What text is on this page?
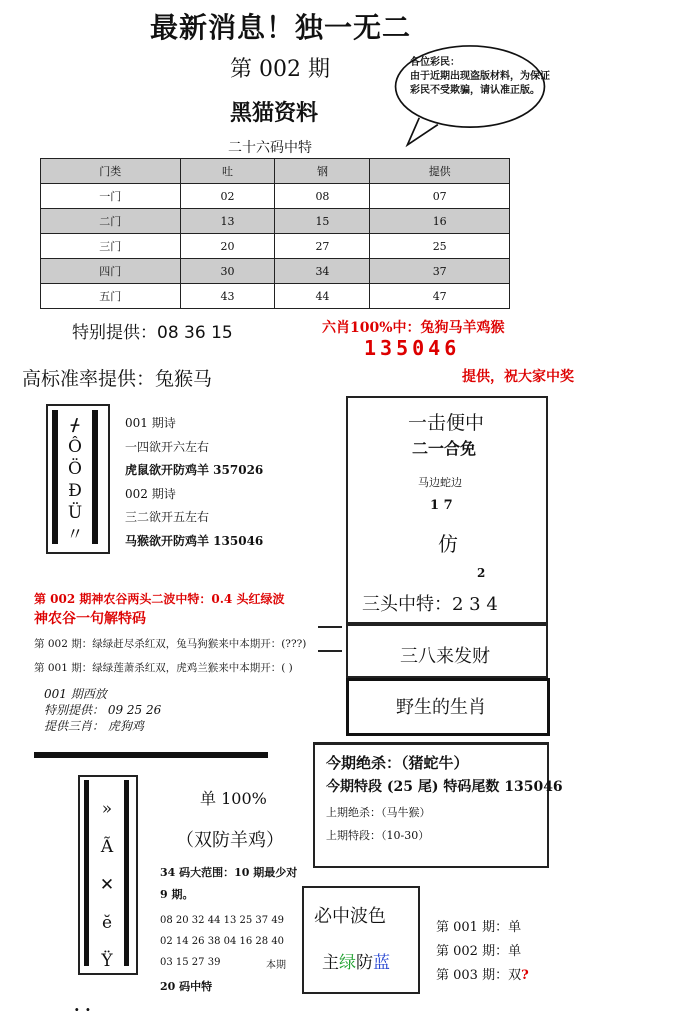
最新消息！独一无二
第 002 期
黑猫资料
二十六码中特
各位彩民：
由于近期出现盗版材料，为保证彩民不受欺骗，请认准正版。
门类	吐	钢	提供
一门	02	08	07
二门	13	15	16
三门	20	27	25
四门	30	34	37
五门	43	44	47
特别提供：08 36 15	六肖100%中：兔狗马羊鸡猴
135046
高标准率提供：兔猴马	提供，祝大家中奖
ᚋ
Ô
Ö
Đ
Ü
〃
001 期诗
一四欲开六左右
虎鼠欲开防鸡羊 357026
002 期诗
三二欲开五左右
马猴欲开防鸡羊 135046
一击便中
二一合免
马边蛇边
1 7
仿
2
三头中特：2 3 4
三八来发财
野生的生肖
第 002 期神农谷两头二波中特：0.4 头红绿波
神农谷一句解特码
第 002 期：绿绿赶尽杀红双，兔马狗猴来中本期开：(???)
第 001 期：绿绿莲萧杀红双，虎鸡兰猴来中本期开：( )
001 期西放
特别提供： 09 25 26
提供三肖： 虎狗鸡
今期绝杀：（猪蛇牛）
今期特段 (25 尾) 特码尾数 135046
上期绝杀：（马牛猴）
上期特段：（10-30）
»
Ã
✕
ĕ
Ÿ
单 100%
（双防羊鸡）
34 码大范围：10 期最少对
9 期。
08 20 32 44 13 25 37 49
02 14 26 38 04 16 28 40
03 15 27 39	本期
20 码中特
必中波色
主绿防蓝
第 001 期：单
第 002 期：单
第 003 期：双?
. .
